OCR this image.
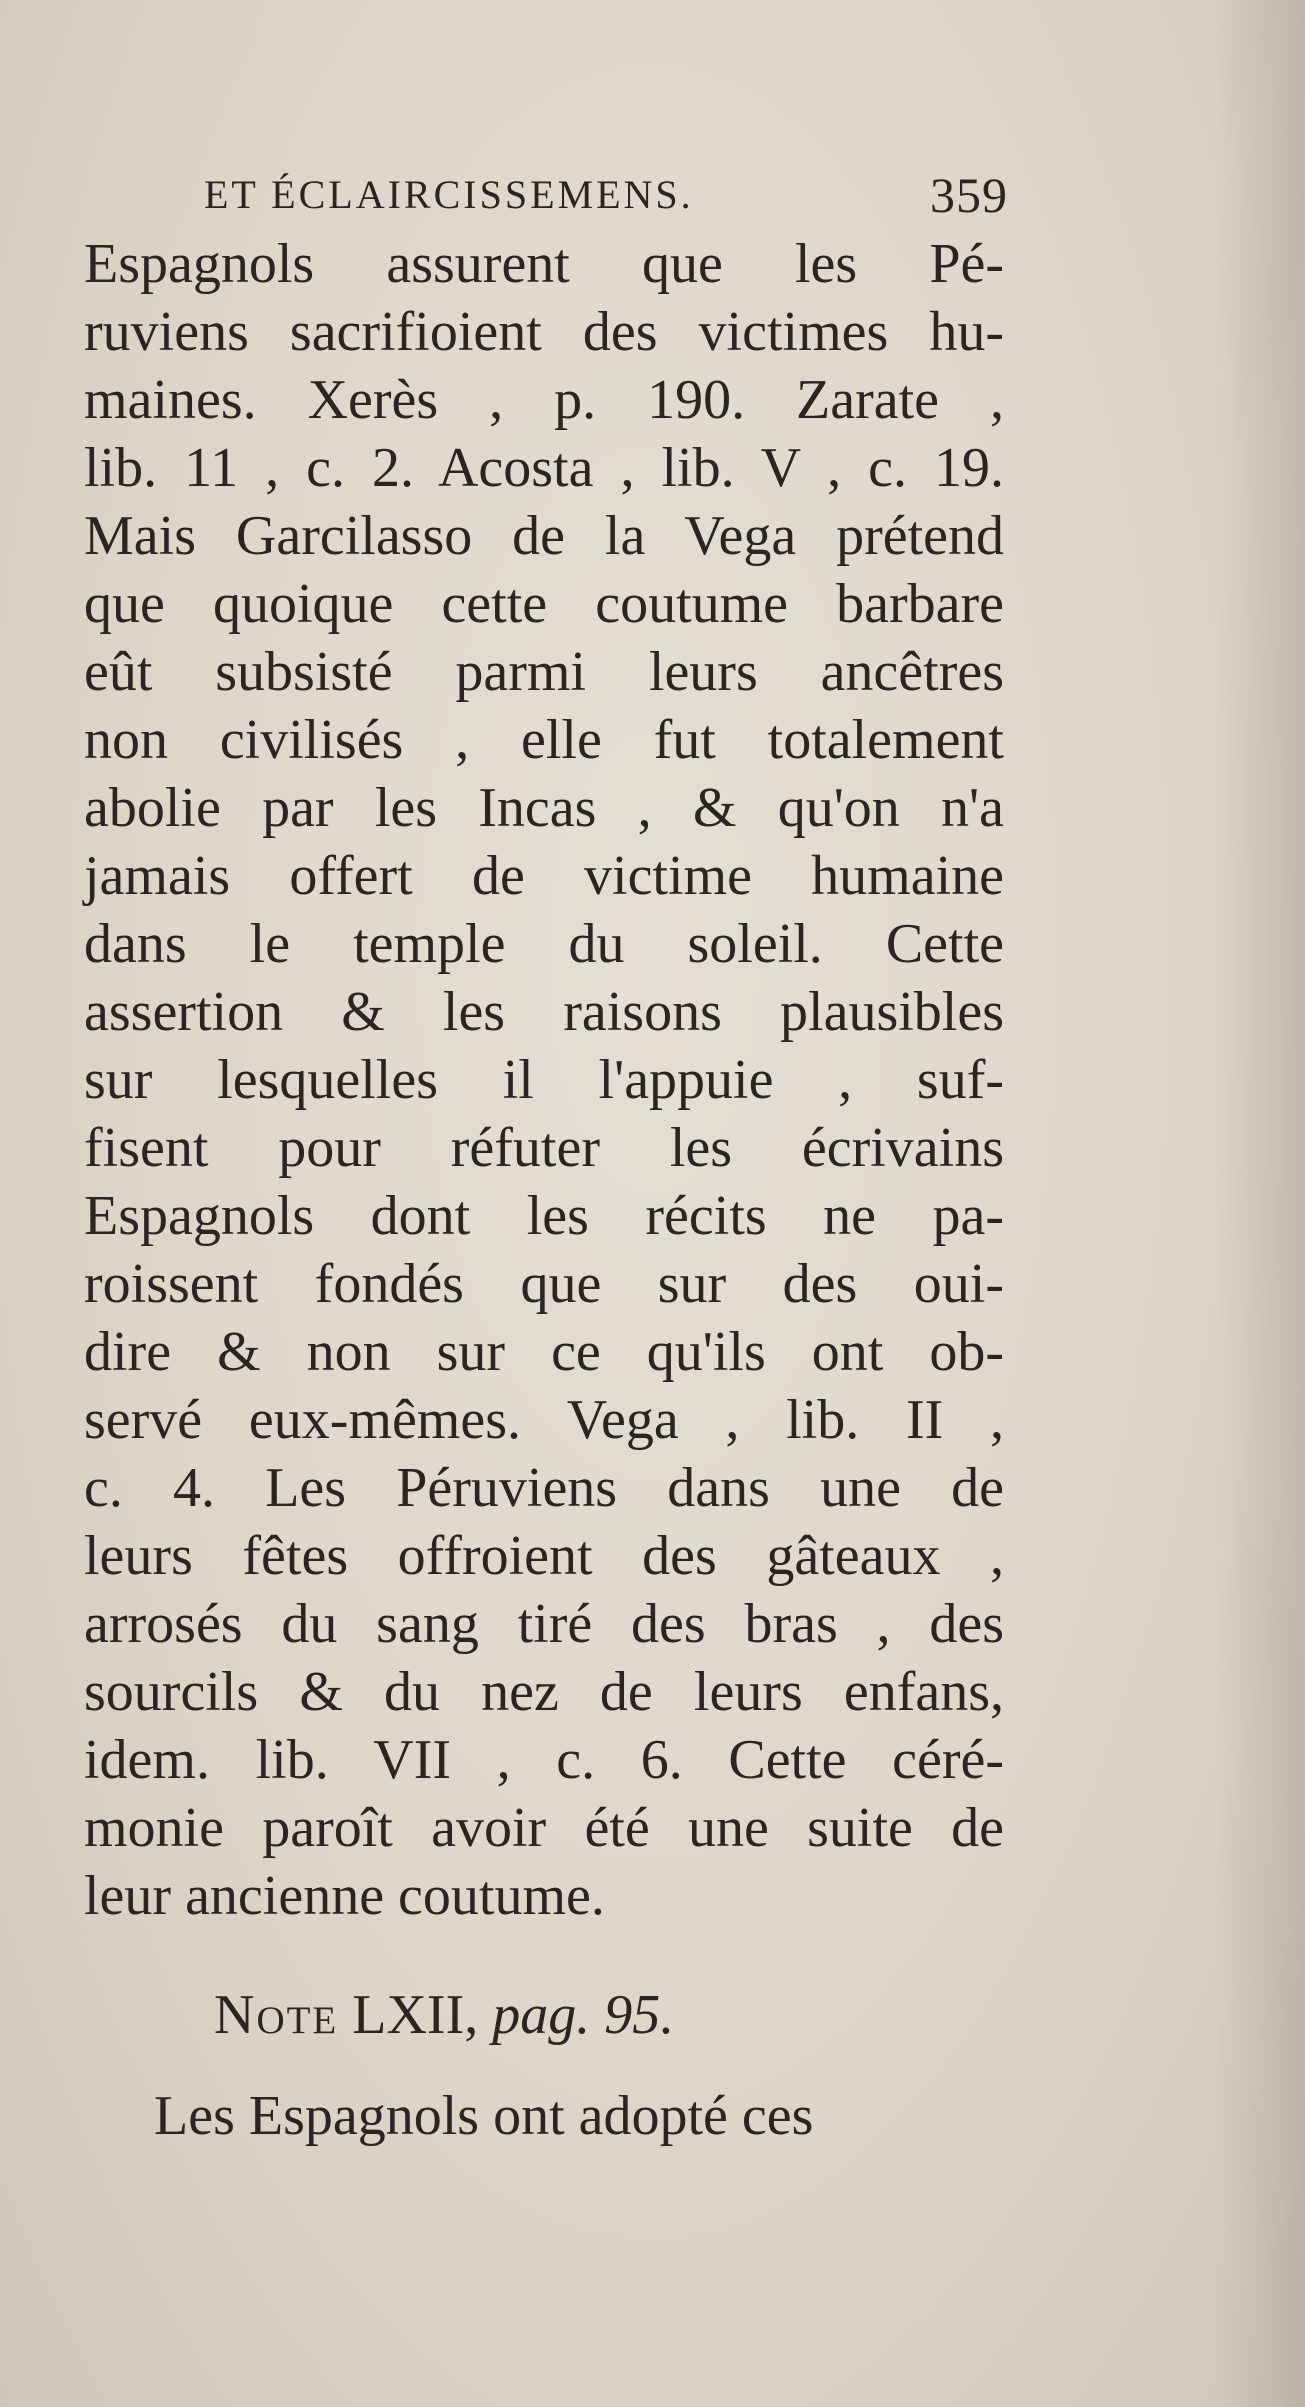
ET ÉCLAIRCISSEMENS.	359
Espagnols assurent que les Pé-
ruviens sacrifioient des victimes hu-
maines. Xerès , p. 190. Zarate ,
lib. 11 , c. 2. Acosta , lib. V , c. 19.
Mais Garcilasso de la Vega prétend
que quoique cette coutume barbare
eût subsisté parmi leurs ancêtres
non civilisés , elle fut totalement
abolie par les Incas , & qu'on n'a
jamais offert de victime humaine
dans le temple du soleil. Cette
assertion & les raisons plausibles
sur lesquelles il l'appuie , suf-
fisent pour réfuter les écrivains
Espagnols dont les récits ne pa-
roissent fondés que sur des oui-
dire & non sur ce qu'ils ont ob-
servé eux-mêmes. Vega , lib. II ,
c. 4. Les Péruviens dans une de
leurs fêtes offroient des gâteaux ,
arrosés du sang tiré des bras , des
sourcils & du nez de leurs enfans,
idem. lib. VII , c. 6. Cette céré-
monie paroît avoir été une suite de
leur ancienne coutume.
Note LXII, pag. 95.
Les Espagnols ont adopté ces
